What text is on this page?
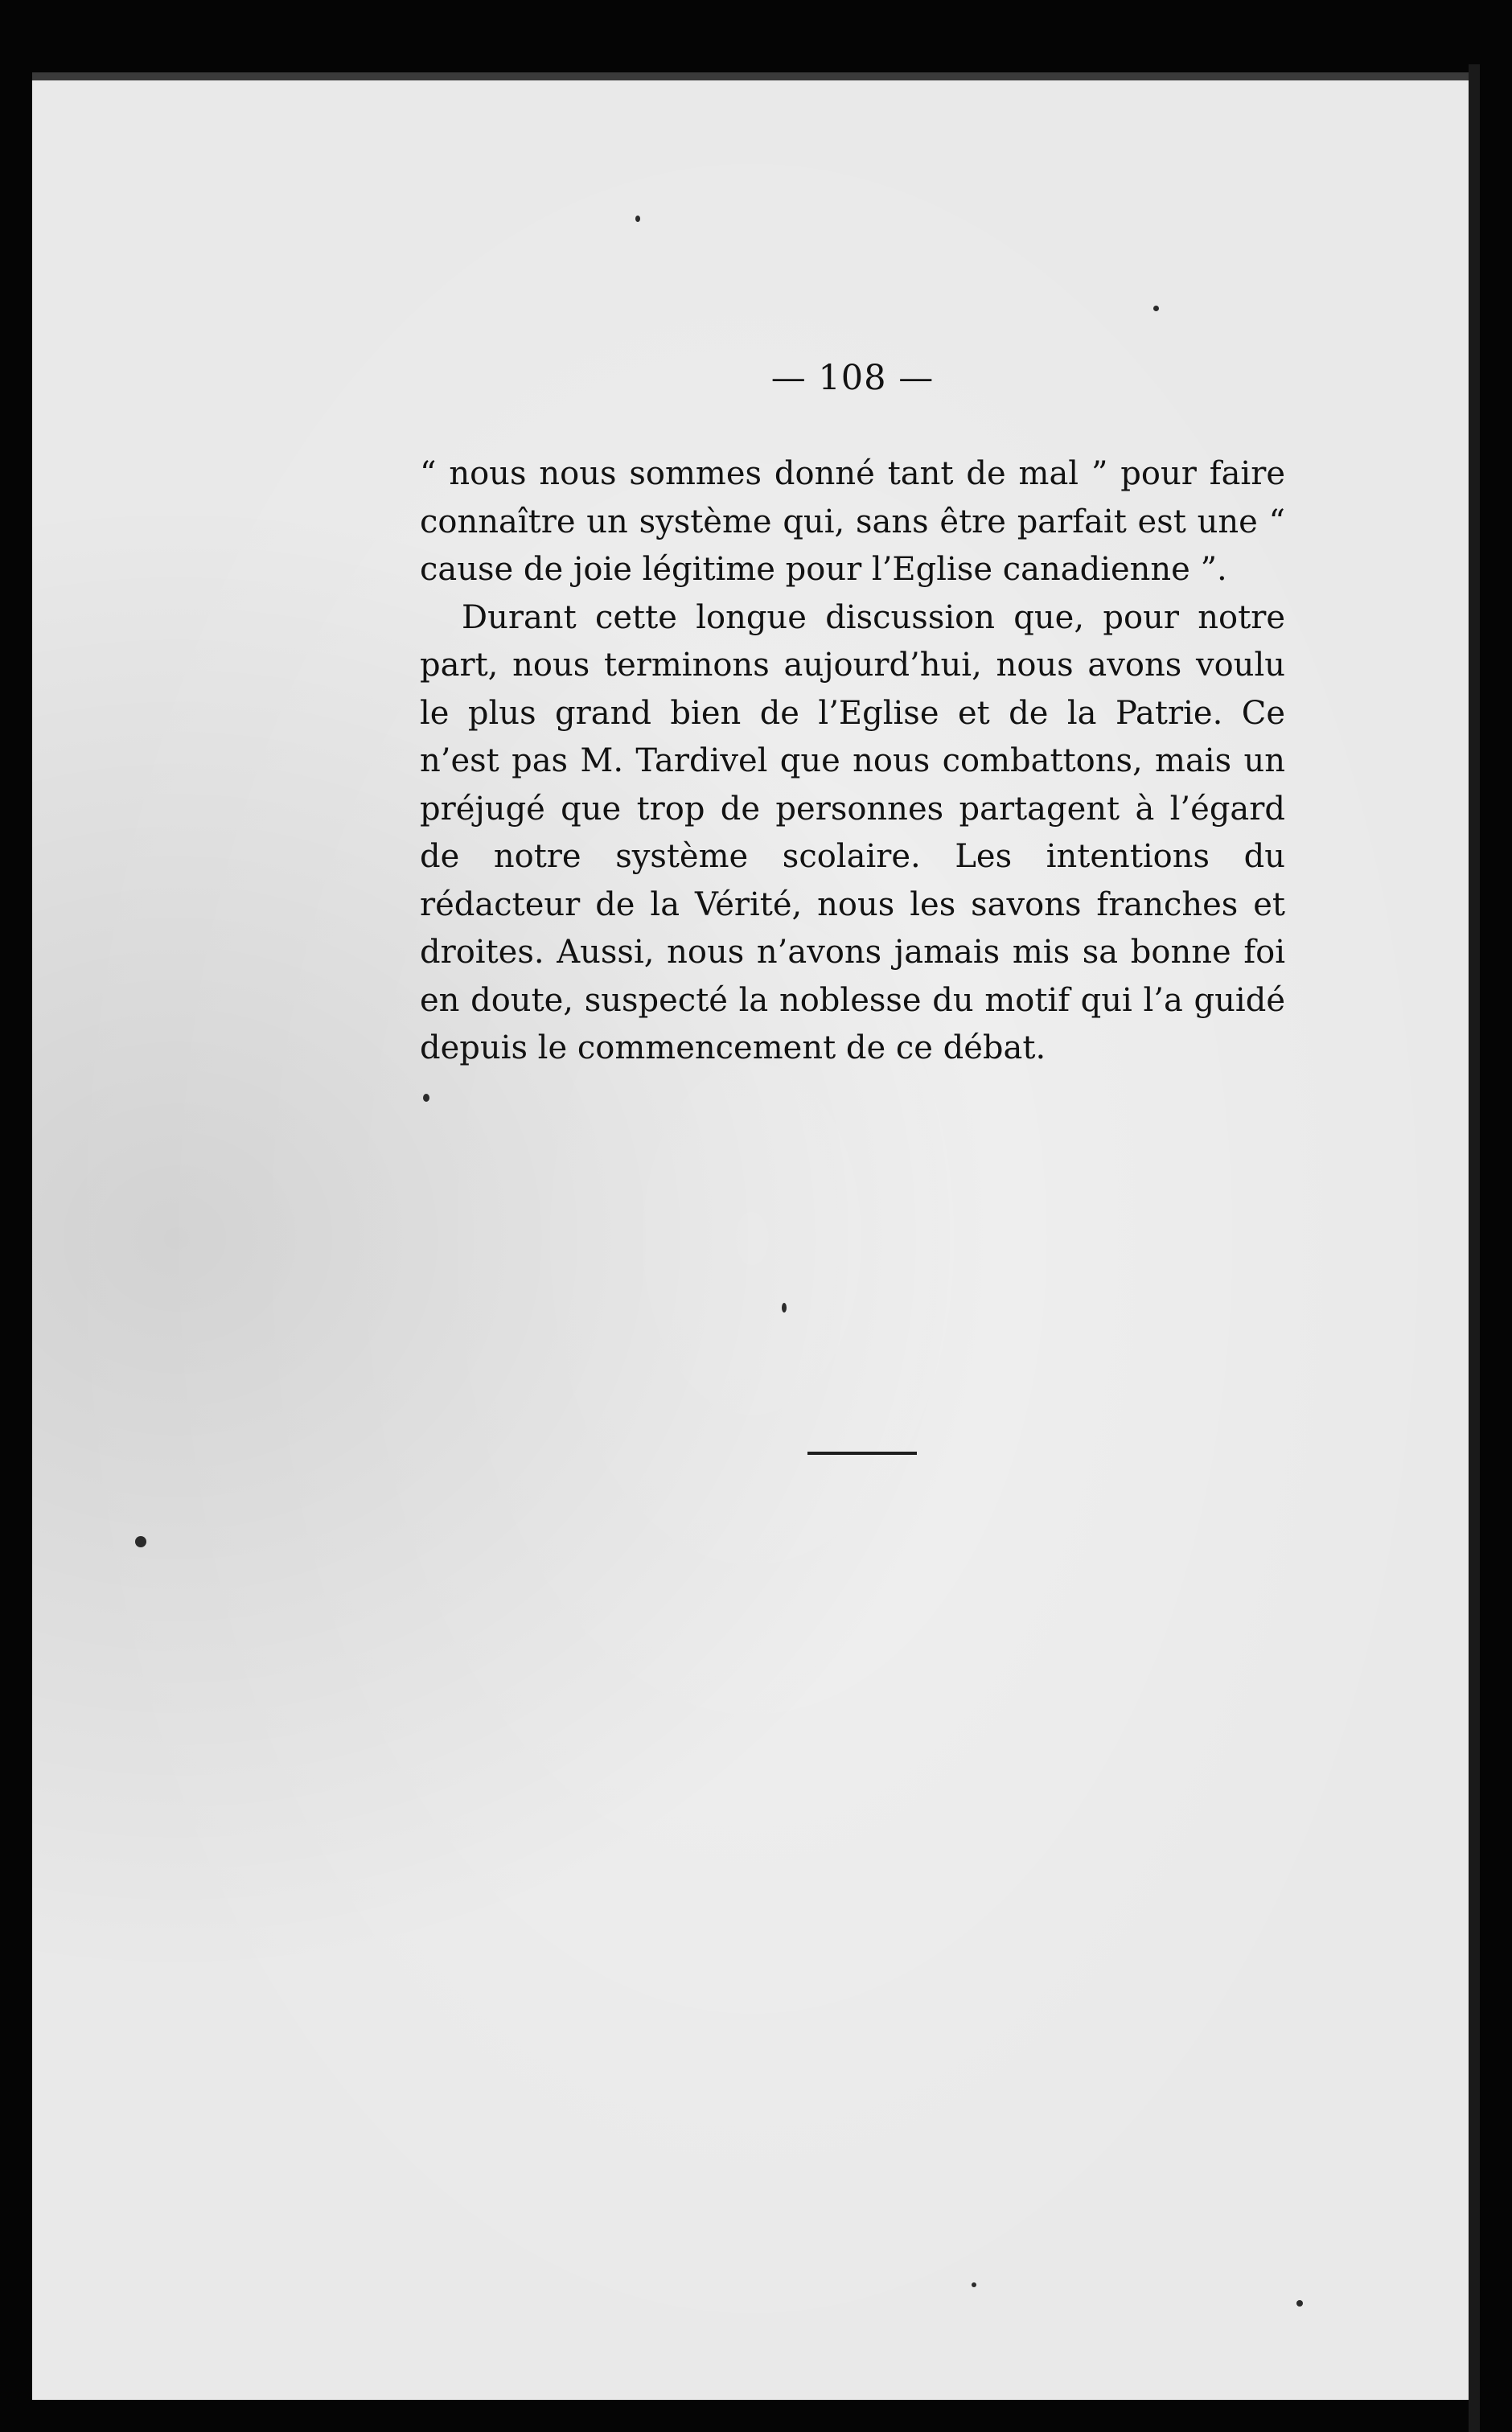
— 108 —

“ nous nous sommes donné tant de mal ” pour faire connaître un système qui, sans être parfait est une “ cause de joie légitime pour l’Eglise canadienne ”.

Durant cette longue discussion que, pour notre part, nous terminons aujourd’hui, nous avons voulu le plus grand bien de l’Eglise et de la Patrie. Ce n’est pas M. Tardivel que nous combattons, mais un préjugé que trop de personnes partagent à l’égard de notre système scolaire. Les intentions du rédacteur de la Vérité, nous les savons franches et droites. Aussi, nous n’avons jamais mis sa bonne foi en doute, suspecté la noblesse du motif qui l’a guidé depuis le commencement de ce débat.
